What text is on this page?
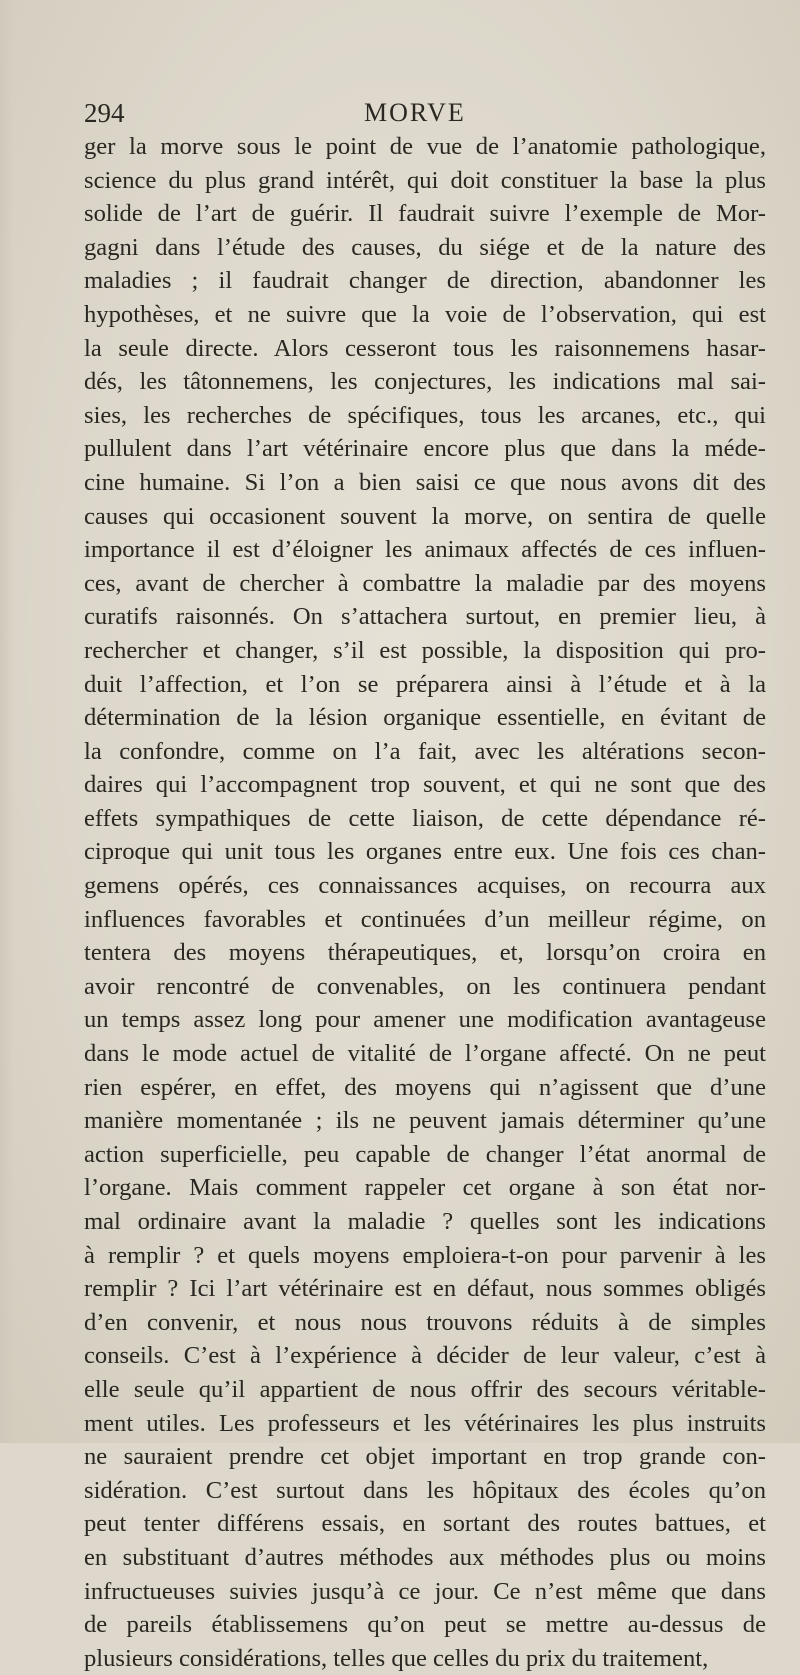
294	MORVE
ger la morve sous le point de vue de l’anatomie pathologique,
science du plus grand intérêt, qui doit constituer la base la plus
solide de l’art de guérir. Il faudrait suivre l’exemple de Mor-
gagni dans l’étude des causes, du siége et de la nature des
maladies ; il faudrait changer de direction, abandonner les
hypothèses, et ne suivre que la voie de l’observation, qui est
la seule directe. Alors cesseront tous les raisonnemens hasar-
dés, les tâtonnemens, les conjectures, les indications mal sai-
sies, les recherches de spécifiques, tous les arcanes, etc., qui
pullulent dans l’art vétérinaire encore plus que dans la méde-
cine humaine. Si l’on a bien saisi ce que nous avons dit des
causes qui occasionent souvent la morve, on sentira de quelle
importance il est d’éloigner les animaux affectés de ces influen-
ces, avant de chercher à combattre la maladie par des moyens
curatifs raisonnés. On s’attachera surtout, en premier lieu, à
rechercher et changer, s’il est possible, la disposition qui pro-
duit l’affection, et l’on se préparera ainsi à l’étude et à la
détermination de la lésion organique essentielle, en évitant de
la confondre, comme on l’a fait, avec les altérations secon-
daires qui l’accompagnent trop souvent, et qui ne sont que des
effets sympathiques de cette liaison, de cette dépendance ré-
ciproque qui unit tous les organes entre eux. Une fois ces chan-
gemens opérés, ces connaissances acquises, on recourra aux
influences favorables et continuées d’un meilleur régime, on
tentera des moyens thérapeutiques, et, lorsqu’on croira en
avoir rencontré de convenables, on les continuera pendant
un temps assez long pour amener une modification avantageuse
dans le mode actuel de vitalité de l’organe affecté. On ne peut
rien espérer, en effet, des moyens qui n’agissent que d’une
manière momentanée ; ils ne peuvent jamais déterminer qu’une
action superficielle, peu capable de changer l’état anormal de
l’organe. Mais comment rappeler cet organe à son état nor-
mal ordinaire avant la maladie ? quelles sont les indications
à remplir ? et quels moyens emploiera-t-on pour parvenir à les
remplir ? Ici l’art vétérinaire est en défaut, nous sommes obligés
d’en convenir, et nous nous trouvons réduits à de simples
conseils. C’est à l’expérience à décider de leur valeur, c’est à
elle seule qu’il appartient de nous offrir des secours véritable-
ment utiles. Les professeurs et les vétérinaires les plus instruits
ne sauraient prendre cet objet important en trop grande con-
sidération. C’est surtout dans les hôpitaux des écoles qu’on
peut tenter différens essais, en sortant des routes battues, et
en substituant d’autres méthodes aux méthodes plus ou moins
infructueuses suivies jusqu’à ce jour. Ce n’est même que dans
de pareils établissemens qu’on peut se mettre au-dessus de
plusieurs considérations, telles que celles du prix du traitement,
